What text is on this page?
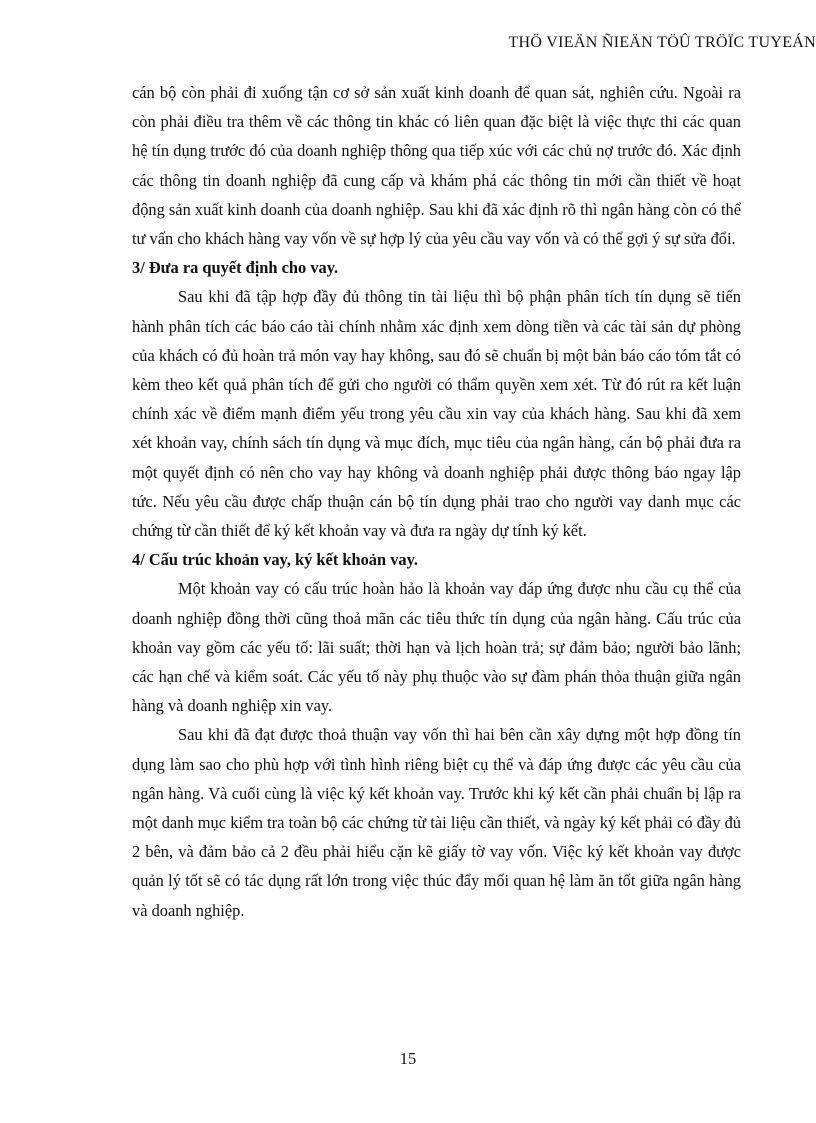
THÖ VIEÄN ÑIEÄN TÖÛ TRÖÏC TUYEÁN

cán bộ còn phải đi xuống tận cơ sở sản xuất kinh doanh để quan sát, nghiên cứu. Ngoài ra còn phải điều tra thêm về các thông tin khác có liên quan đặc biệt là việc thực thi các quan hệ tín dụng trước đó của doanh nghiệp thông qua tiếp xúc với các chủ nợ trước đó. Xác định các thông tin doanh nghiệp đã cung cấp và khám phá các thông tin mới cần thiết về hoạt động sản xuất kinh doanh của doanh nghiệp. Sau khi đã xác định rõ thì ngân hàng còn có thể tư vấn cho khách hàng vay vốn về sự hợp lý của yêu cầu vay vốn và có thể gợi ý sự sửa đổi.

3/ Đưa ra quyết định cho vay.

Sau khi đã tập hợp đầy đủ thông tin tài liệu thì bộ phận phân tích tín dụng sẽ tiến hành phân tích các báo cáo tài chính nhằm xác định xem dòng tiền và các tài sản dự phòng của khách có đủ hoàn trả món vay hay không, sau đó sẽ chuẩn bị một bản báo cáo tóm tắt có kèm theo kết quả phân tích để gửi cho người có thẩm quyền xem xét. Từ đó rút ra kết luận chính xác về điểm mạnh điểm yếu trong yêu cầu xin vay của khách hàng. Sau khi đã xem xét khoản vay, chính sách tín dụng và mục đích, mục tiêu của ngân hàng, cán bộ phải đưa ra một quyết định có nên cho vay hay không và doanh nghiệp phải được thông báo ngay lập tức. Nếu yêu cầu được chấp thuận cán bộ tín dụng phải trao cho người vay danh mục các chứng từ cần thiết để ký kết khoản vay và đưa ra ngày dự tính ký kết.

4/ Cấu trúc khoản vay, ký kết khoản vay.

Một khoản vay có cấu trúc hoàn hảo là khoản vay đáp ứng được nhu cầu cụ thể của doanh nghiệp đồng thời cũng thoả mãn các tiêu thức tín dụng của ngân hàng. Cấu trúc của khoản vay gồm các yếu tố: lãi suất; thời hạn và lịch hoàn trả; sự đảm bảo; người bảo lãnh; các hạn chế và kiểm soát. Các yếu tố này phụ thuộc vào sự đàm phán thỏa thuận giữa ngân hàng và doanh nghiệp xin vay.

Sau khi đã đạt được thoả thuận vay vốn thì hai bên cần xây dựng một hợp đồng tín dụng làm sao cho phù hợp với tình hình riêng biệt cụ thể và đáp ứng được các yêu cầu của ngân hàng. Và cuối cùng là việc ký kết khoản vay. Trước khi ký kết cần phải chuẩn bị lập ra một danh mục kiểm tra toàn bộ các chứng từ tài liệu cần thiết, và ngày ký kết phải có đầy đủ 2 bên, và đảm bảo cả 2 đều phải hiểu cặn kẽ giấy tờ vay vốn. Việc ký kết khoản vay được quản lý tốt sẽ có tác dụng rất lớn trong việc thúc đẩy mối quan hệ làm ăn tốt giữa ngân hàng và doanh nghiệp.

15
